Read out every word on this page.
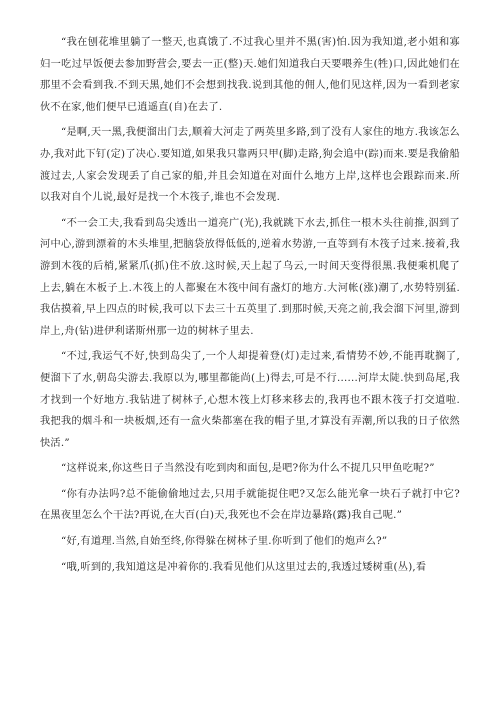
“我在刨花堆里躺了一整天,也真饿了.不过我心里并不黑(害)怕.因为我知道,老小姐和寡妇一吃过早饭便去参加野营会,要去一正(整)天.她们知道我白天要喂养生(牲)口,因此她们在那里不会看到我.不到天黑,她们不会想到找我.说到其他的佣人,他们见这样,因为一看到老家伙不在家,他们便早已逍遥直(自)在去了.

“是啊,天一黑,我便溜出门去,顺着大河走了两英里多路,到了没有人家住的地方.我该怎么办,我对此下钉(定)了决心.要知道,如果我只靠两只甲(脚)走路,狗会追中(踪)而来.要是我偷船渡过去,人家会发现丢了自己家的船,并且会知道在对面什么地方上岸,这样也会跟踪而来.所以我对自个儿说,最好是找一个木筏子,谁也不会发现.

“不一会工夫,我看到岛尖透出一道亮广(光),我就跳下水去,抓住一根木头往前推,泅到了河中心,游到漂着的木头堆里,把脑袋放得低低的,逆着水势游,一直等到有木筏子过来.接着,我游到木筏的后梢,紧紧爪(抓)住不放.这时候,天上起了乌云,一时间天变得很黑.我便乘机爬了上去,躺在木板子上.木筏上的人都聚在木筏中间有盏灯的地方.大河帐(涨)潮了,水势特别猛.我估摸着,早上四点的时候,我可以下去三十五英里了.到那时候,天亮之前,我会溜下河里,游到岸上,舟(钻)进伊利诺斯州那一边的树林子里去.

“不过,我运气不好,快到岛尖了,一个人却提着登(灯)走过来,看情势不妙,不能再耽搁了,便溜下了水,朝岛尖游去.我原以为,哪里都能尚(上)得去,可是不行......河岸太陡.快到岛尾,我才找到一个好地方.我钻进了树林子,心想木筏上灯移来移去的,我再也不跟木筏子打交道啦.我把我的烟斗和一块板烟,还有一盒火柴都塞在我的帽子里,才算没有弄潮,所以我的日子依然快活.”

“这样说来,你这些日子当然没有吃到肉和面包,是吧?你为什么不捉几只甲鱼吃呢?”

“你有办法吗?总不能偷偷地过去,只用手就能捉住吧?又怎么能光拿一块石子就打中它?在黑夜里怎么个干法?再说,在大百(白)天,我死也不会在岸边暴路(露)我自己呢.”

“好,有道理.当然,自始至终,你得躲在树林子里.你听到了他们的炮声么?”

“哦,听到的,我知道这是冲着你的.我看见他们从这里过去的,我透过矮树重(丛),看
